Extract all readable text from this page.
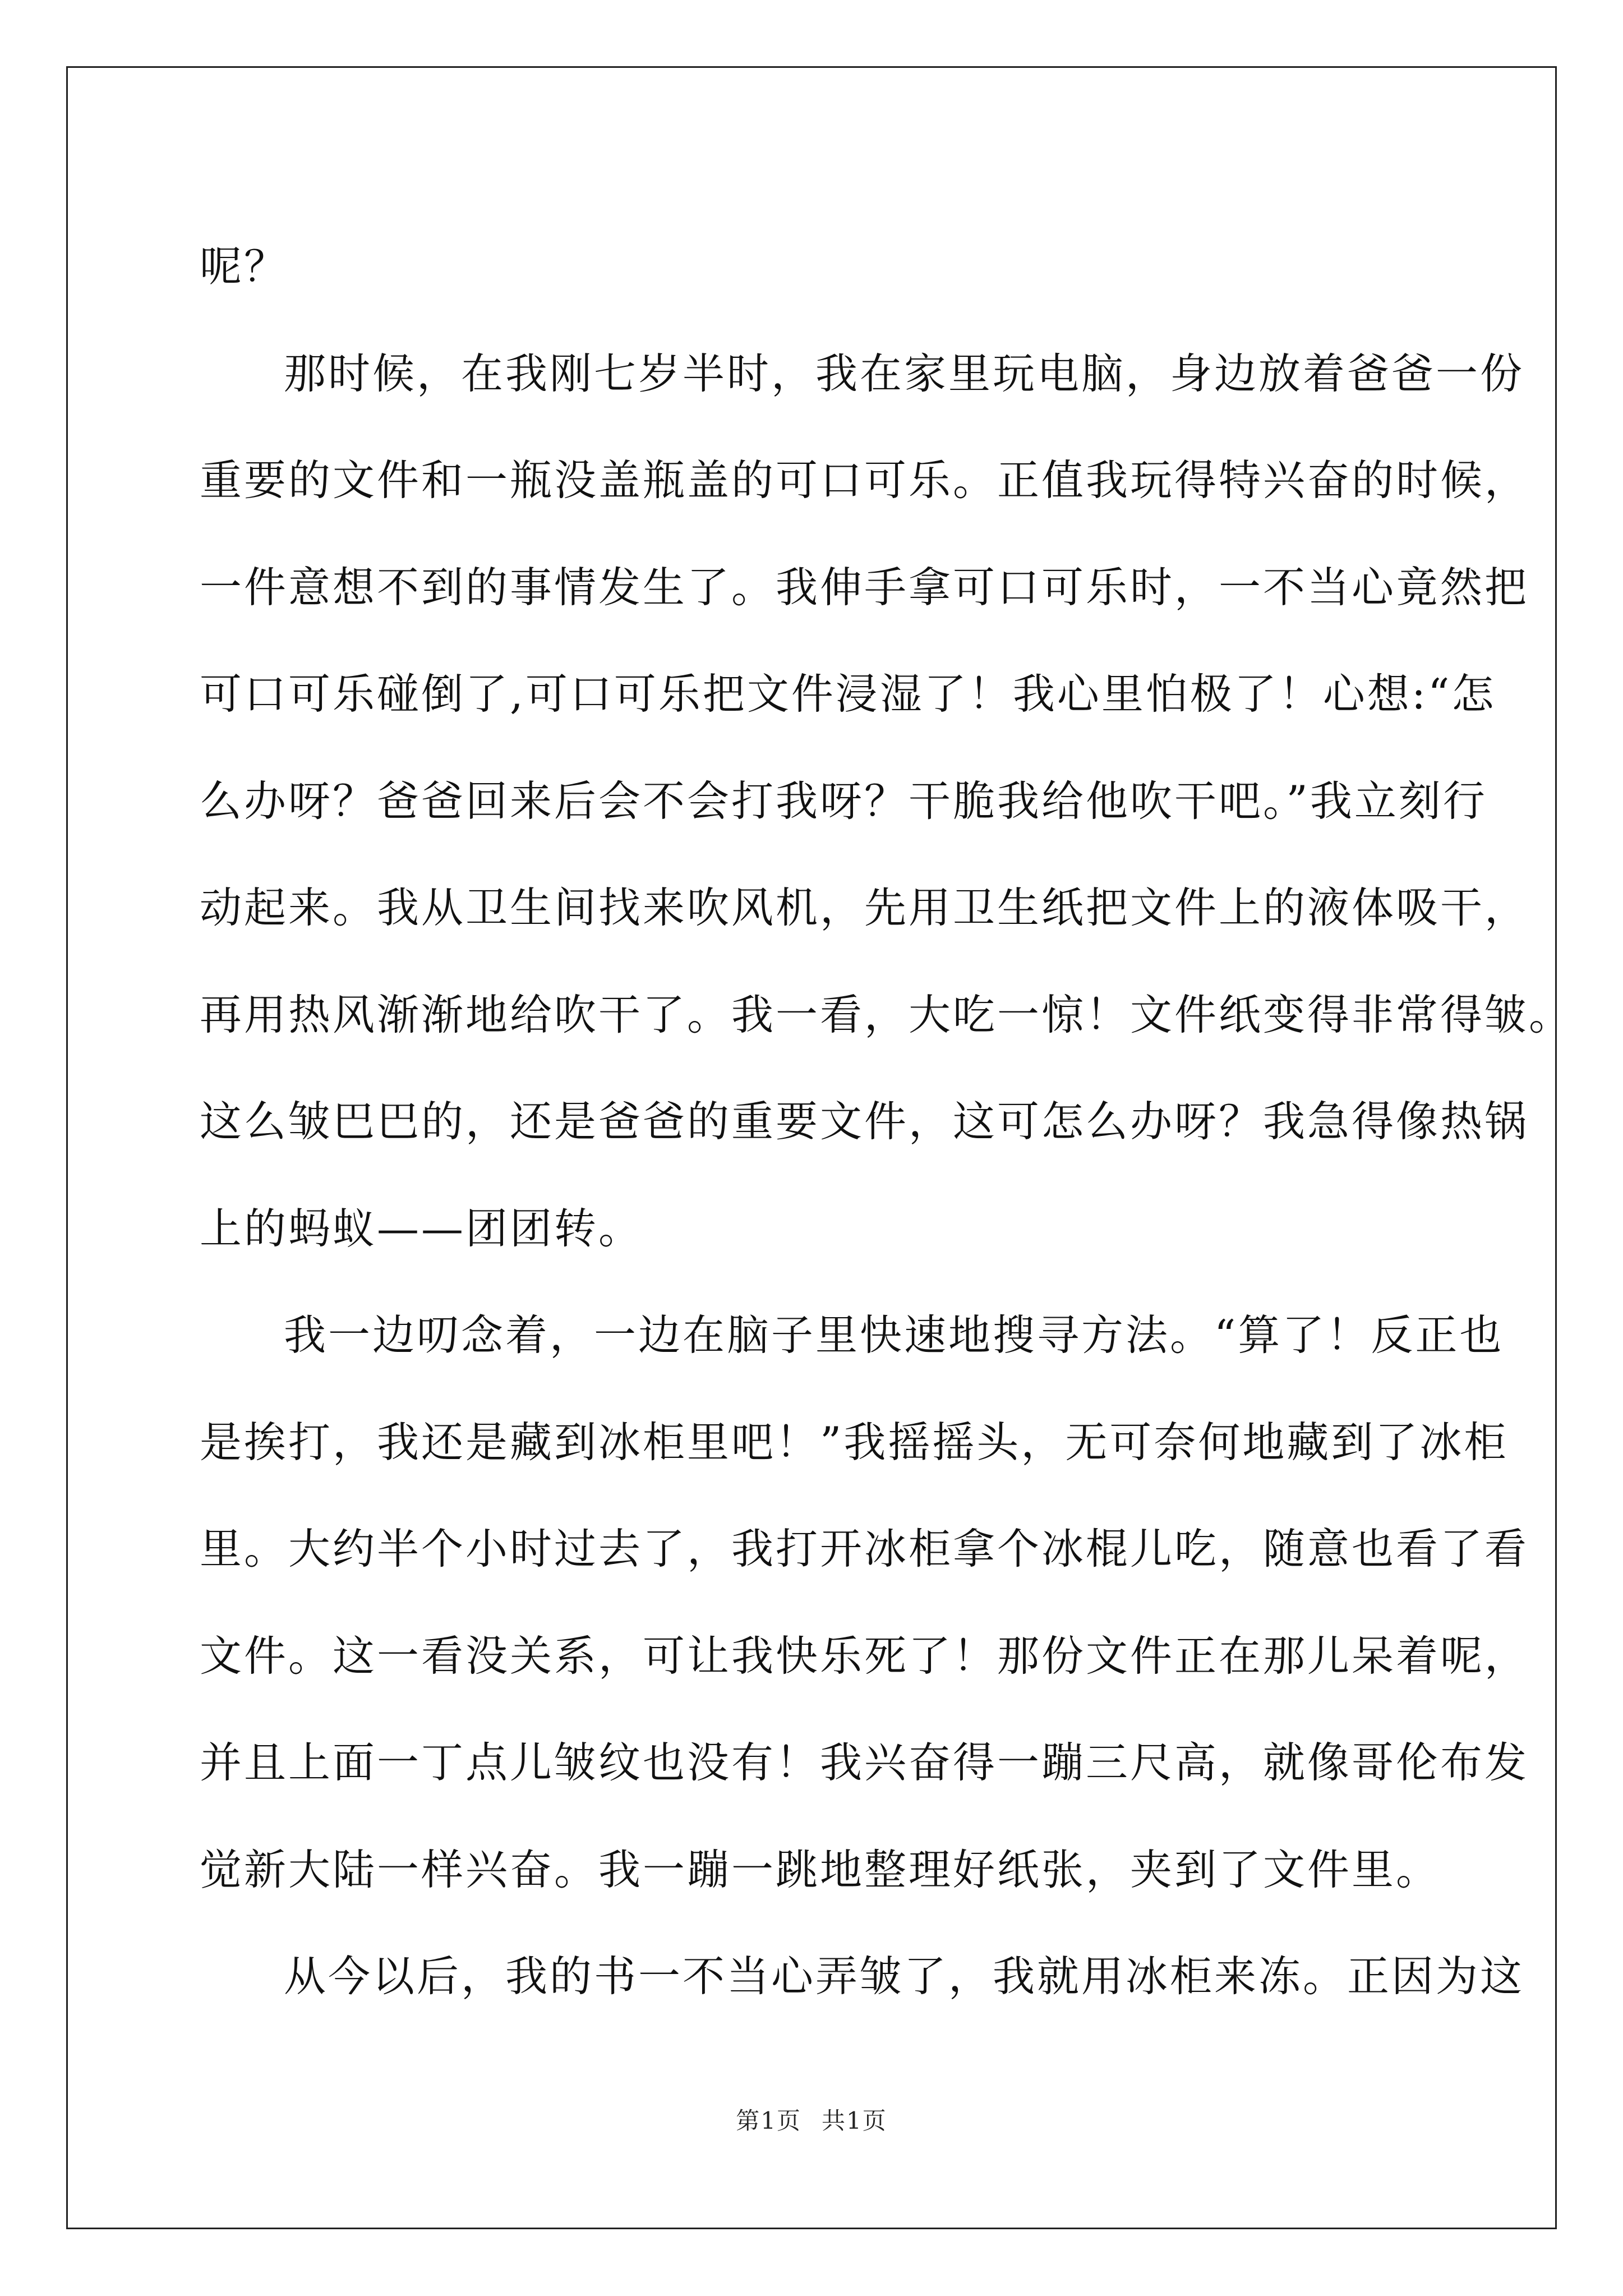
呢？
那时候，在我刚七岁半时，我在家里玩电脑，身边放着爸爸一份
重要的文件和一瓶没盖瓶盖的可口可乐。正值我玩得特兴奋的时候，
一件意想不到的事情发生了。我伸手拿可口可乐时，一不当心竟然把
可口可乐碰倒了,可口可乐把文件浸湿了！我心里怕极了！心想:“怎
么办呀？爸爸回来后会不会打我呀？干脆我给他吹干吧。”我立刻行
动起来。我从卫生间找来吹风机，先用卫生纸把文件上的液体吸干，
再用热风渐渐地给吹干了。我一看，大吃一惊！文件纸变得非常得皱。
这么皱巴巴的，还是爸爸的重要文件，这可怎么办呀？我急得像热锅
上的蚂蚁——团团转。
我一边叨念着，一边在脑子里快速地搜寻方法。“算了！反正也
是挨打，我还是藏到冰柜里吧！”我摇摇头，无可奈何地藏到了冰柜
里。大约半个小时过去了，我打开冰柜拿个冰棍儿吃，随意也看了看
文件。这一看没关系，可让我快乐死了！那份文件正在那儿呆着呢，
并且上面一丁点儿皱纹也没有！我兴奋得一蹦三尺高，就像哥伦布发
觉新大陆一样兴奋。我一蹦一跳地整理好纸张，夹到了文件里。
从今以后，我的书一不当心弄皱了，我就用冰柜来冻。正因为这
第1页 共1页
